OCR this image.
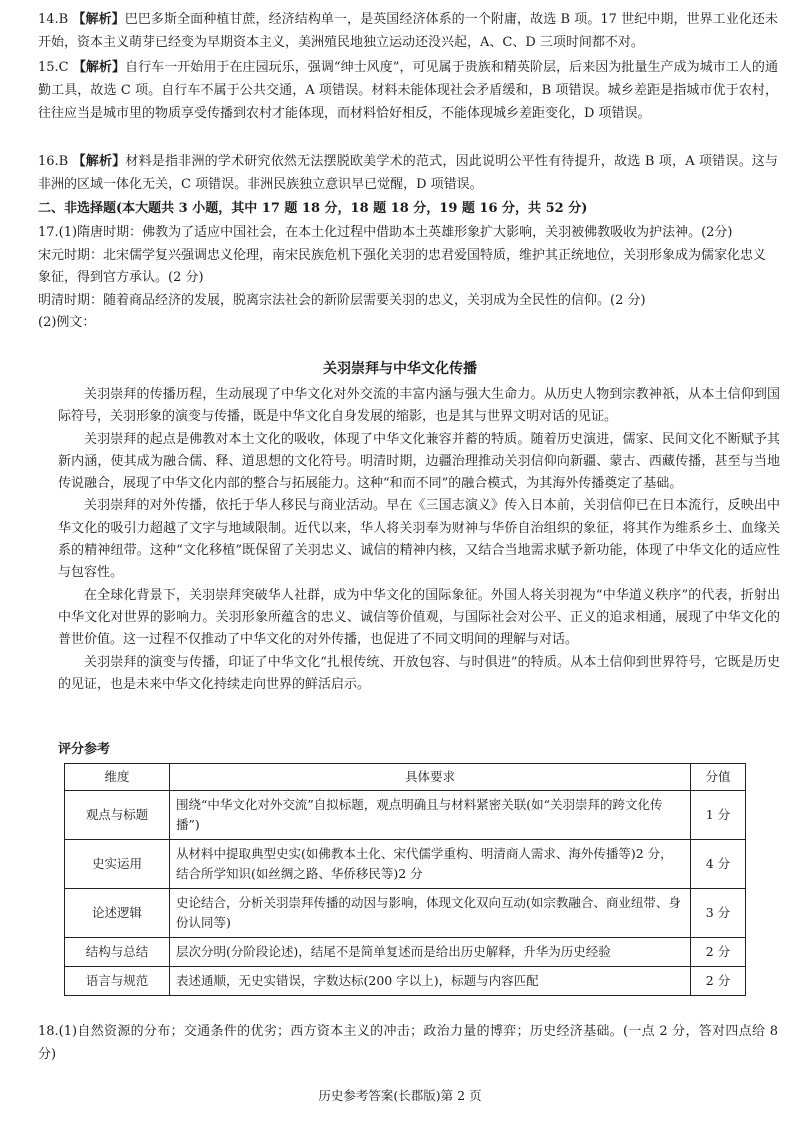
14.B 【解析】巴巴多斯全面种植甘蔗，经济结构单一，是英国经济体系的一个附庸，故选 B 项。17 世纪中期，世界工业化还未开始，资本主义萌芽已经变为早期资本主义，美洲殖民地独立运动还没兴起，A、C、D 三项时间都不对。

15.C 【解析】自行车一开始用于在庄园玩乐，强调“绅士风度”，可见属于贵族和精英阶层，后来因为批量生产成为城市工人的通勤工具，故选 C 项。自行车不属于公共交通，A 项错误。材料未能体现社会矛盾缓和，B 项错误。城乡差距是指城市优于农村，往往应当是城市里的物质享受传播到农村才能体现，而材料恰好相反，不能体现城乡差距变化，D 项错误。

16.B 【解析】材料是指非洲的学术研究依然无法摆脱欧美学术的范式，因此说明公平性有待提升，故选 B 项，A 项错误。这与非洲的区域一体化无关，C 项错误。非洲民族独立意识早已觉醒，D 项错误。

二、非选择题(本大题共 3 小题，其中 17 题 18 分，18 题 18 分，19 题 16 分，共 52 分)

17.(1)隋唐时期：佛教为了适应中国社会，在本土化过程中借助本土英雄形象扩大影响，关羽被佛教吸收为护法神。(2分)

宋元时期：北宋儒学复兴强调忠义伦理，南宋民族危机下强化关羽的忠君爱国特质，维护其正统地位，关羽形象成为儒家化忠义象征，得到官方承认。(2 分)

明清时期：随着商品经济的发展，脱离宗法社会的新阶层需要关羽的忠义，关羽成为全民性的信仰。(2 分)

(2)例文：

关羽崇拜与中华文化传播

关羽崇拜的传播历程，生动展现了中华文化对外交流的丰富内涵与强大生命力。从历史人物到宗教神祇，从本土信仰到国际符号，关羽形象的演变与传播，既是中华文化自身发展的缩影，也是其与世界文明对话的见证。

关羽崇拜的起点是佛教对本土文化的吸收，体现了中华文化兼容并蓄的特质。随着历史演进，儒家、民间文化不断赋予其新内涵，使其成为融合儒、释、道思想的文化符号。明清时期，边疆治理推动关羽信仰向新疆、蒙古、西藏传播，甚至与当地传说融合，展现了中华文化内部的整合与拓展能力。这种“和而不同”的融合模式，为其海外传播奠定了基础。

关羽崇拜的对外传播，依托于华人移民与商业活动。早在《三国志演义》传入日本前，关羽信仰已在日本流行，反映出中华文化的吸引力超越了文字与地域限制。近代以来，华人将关羽奉为财神与华侨自治组织的象征，将其作为维系乡土、血缘关系的精神纽带。这种“文化移植”既保留了关羽忠义、诚信的精神内核，又结合当地需求赋予新功能，体现了中华文化的适应性与包容性。

在全球化背景下，关羽崇拜突破华人社群，成为中华文化的国际象征。外国人将关羽视为“中华道义秩序”的代表，折射出中华文化对世界的影响力。关羽形象所蕴含的忠义、诚信等价值观，与国际社会对公平、正义的追求相通，展现了中华文化的普世价值。这一过程不仅推动了中华文化的对外传播，也促进了不同文明间的理解与对话。

关羽崇拜的演变与传播，印证了中华文化“扎根传统、开放包容、与时俱进”的特质。从本土信仰到世界符号，它既是历史的见证，也是未来中华文化持续走向世界的鲜活启示。

评分参考
维度	具体要求	分值
观点与标题	围绕“中华文化对外交流”自拟标题，观点明确且与材料紧密关联(如“关羽崇拜的跨文化传播”)	1 分
史实运用	从材料中提取典型史实(如佛教本土化、宋代儒学重构、明清商人需求、海外传播等)2 分，结合所学知识(如丝绸之路、华侨移民等)2 分	4 分
论述逻辑	史论结合，分析关羽崇拜传播的动因与影响，体现文化双向互动(如宗教融合、商业纽带、身份认同等)	3 分
结构与总结	层次分明(分阶段论述)，结尾不是简单复述而是给出历史解释，升华为历史经验	2 分
语言与规范	表述通顺，无史实错误，字数达标(200 字以上)，标题与内容匹配	2 分

18.(1)自然资源的分布；交通条件的优劣；西方资本主义的冲击；政治力量的博弈；历史经济基础。(一点 2 分，答对四点给 8 分)

历史参考答案(长郡版)第 2 页
